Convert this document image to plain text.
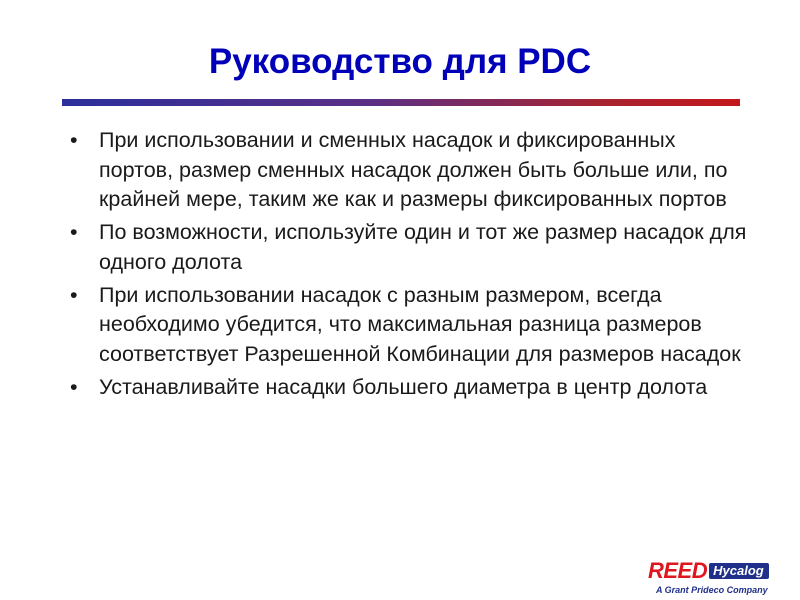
Руководство для PDC
• При использовании и сменных насадок и фиксированных портов, размер сменных насадок должен быть больше или, по крайней мере, таким же как и размеры фиксированных портов
• По возможности, используйте один и тот же размер насадок для одного долота
• При использовании насадок с разным размером, всегда необходимо убедится, что максимальная разница размеров соответствует Разрешенной Комбинации для размеров насадок
• Устанавливайте насадки большего диаметра в центр долота
REED Hycalog
A Grant Prideco Company
